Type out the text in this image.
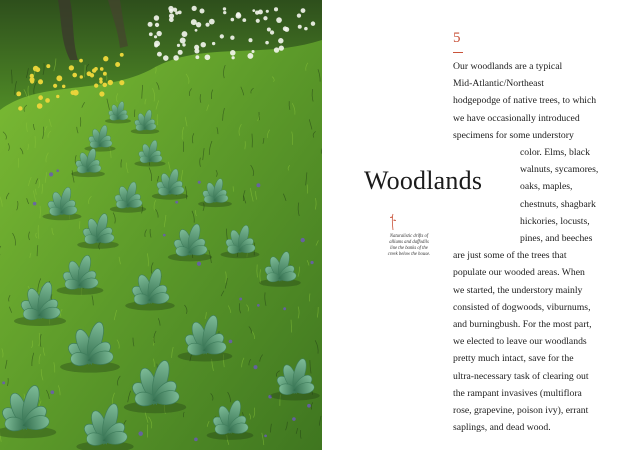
5
Woodlands

Naturalistic drifts of
alliums and daffodils
line the banks of the
creek below the house.

Our woodlands are a typical
Mid-Atlantic/Northeast
hodgepodge of native trees, to which
we have occasionally introduced
specimens for some understory
color. Elms, black
walnuts, sycamores,
oaks, maples,
chestnuts, shagbark
hickories, locusts,
pines, and beeches
are just some of the trees that
populate our wooded areas. When
we started, the understory mainly
consisted of dogwoods, viburnums,
and burningbush. For the most part,
we elected to leave our woodlands
pretty much intact, save for the
ultra-necessary task of clearing out
the rampant invasives (multiflora
rose, grapevine, poison ivy), errant
saplings, and dead wood.
